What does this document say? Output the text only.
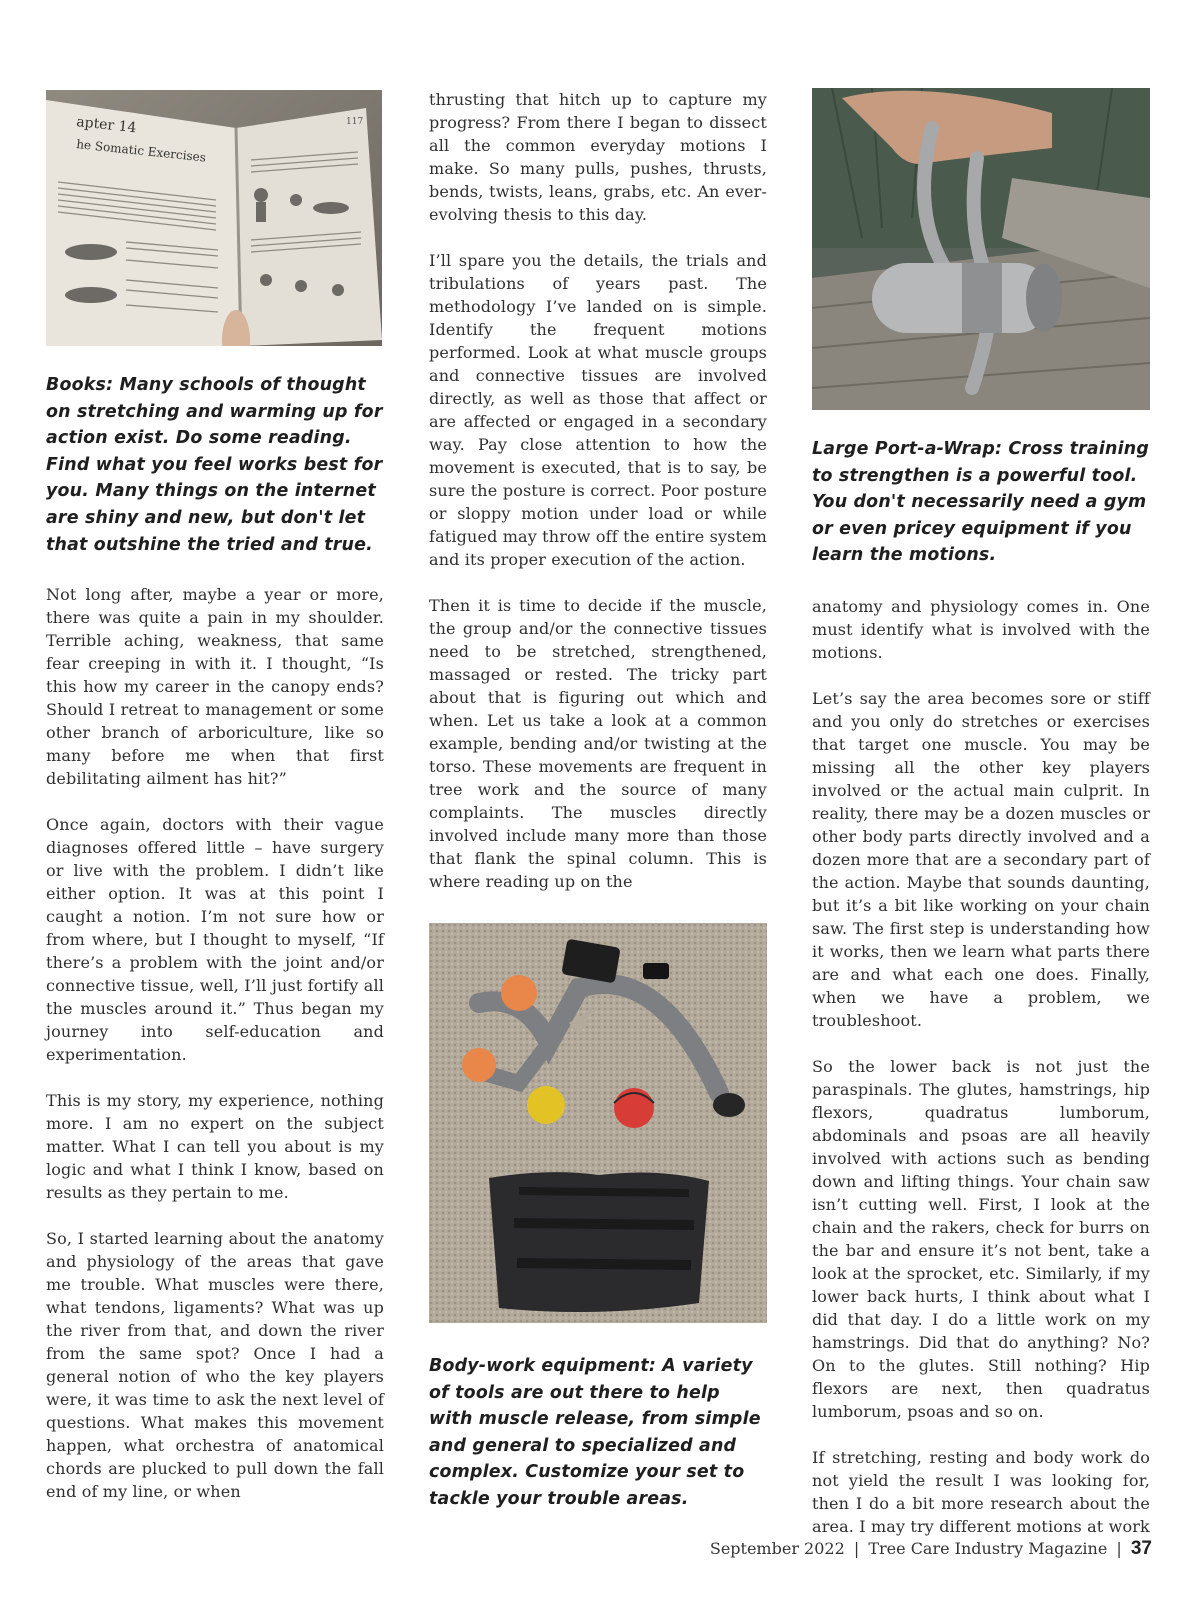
apter 14
he Somatic Exercises
117

Books: Many schools of thought on stretching and warming up for action exist. Do some reading. Find what you feel works best for you. Many things on the internet are shiny and new, but don't let that outshine the tried and true.

Not long after, maybe a year or more, there was quite a pain in my shoulder. Terrible aching, weakness, that same fear creeping in with it. I thought, “Is this how my career in the canopy ends? Should I retreat to management or some other branch of arboriculture, like so many before me when that first debilitating ailment has hit?”

Once again, doctors with their vague diagnoses offered little – have surgery or live with the problem. I didn’t like either option. It was at this point I caught a notion. I’m not sure how or from where, but I thought to myself, “If there’s a problem with the joint and/or connective tissue, well, I’ll just fortify all the muscles around it.” Thus began my journey into self-education and experimentation.

This is my story, my experience, nothing more. I am no expert on the subject matter. What I can tell you about is my logic and what I think I know, based on results as they pertain to me.

So, I started learning about the anatomy and physiology of the areas that gave me trouble. What muscles were there, what tendons, ligaments? What was up the river from that, and down the river from the same spot? Once I had a general notion of who the key players were, it was time to ask the next level of questions. What makes this movement happen, what orchestra of anatomical chords are plucked to pull down the fall end of my line, or when

thrusting that hitch up to capture my progress? From there I began to dissect all the common everyday motions I make. So many pulls, pushes, thrusts, bends, twists, leans, grabs, etc. An ever-evolving thesis to this day.

I’ll spare you the details, the trials and tribulations of years past. The methodology I’ve landed on is simple. Identify the frequent motions performed. Look at what muscle groups and connective tissues are involved directly, as well as those that affect or are affected or engaged in a secondary way. Pay close attention to how the movement is executed, that is to say, be sure the posture is correct. Poor posture or sloppy motion under load or while fatigued may throw off the entire system and its proper execution of the action.

Then it is time to decide if the muscle, the group and/or the connective tissues need to be stretched, strengthened, massaged or rested. The tricky part about that is figuring out which and when. Let us take a look at a common example, bending and/or twisting at the torso. These movements are frequent in tree work and the source of many complaints. The muscles directly involved include many more than those that flank the spinal column. This is where reading up on the

Body-work equipment: A variety of tools are out there to help with muscle release, from simple and general to specialized and complex. Customize your set to tackle your trouble areas.

Large Port-a-Wrap: Cross training to strengthen is a powerful tool. You don't necessarily need a gym or even pricey equipment if you learn the motions.

anatomy and physiology comes in. One must identify what is involved with the motions.

Let’s say the area becomes sore or stiff and you only do stretches or exercises that target one muscle. You may be missing all the other key players involved or the actual main culprit. In reality, there may be a dozen muscles or other body parts directly involved and a dozen more that are a secondary part of the action. Maybe that sounds daunting, but it’s a bit like working on your chain saw. The first step is understanding how it works, then we learn what parts there are and what each one does. Finally, when we have a problem, we troubleshoot.

So the lower back is not just the paraspinals. The glutes, hamstrings, hip flexors, quadratus lumborum, abdominals and psoas are all heavily involved with actions such as bending down and lifting things. Your chain saw isn’t cutting well. First, I look at the chain and the rakers, check for burrs on the bar and ensure it’s not bent, take a look at the sprocket, etc. Similarly, if my lower back hurts, I think about what I did that day. I do a little work on my hamstrings. Did that do anything? No? On to the glutes. Still nothing? Hip flexors are next, then quadratus lumborum, psoas and so on.

If stretching, resting and body work do not yield the result I was looking for, then I do a bit more research about the area. I may try different motions at work

September 2022 | Tree Care Industry Magazine | 37
